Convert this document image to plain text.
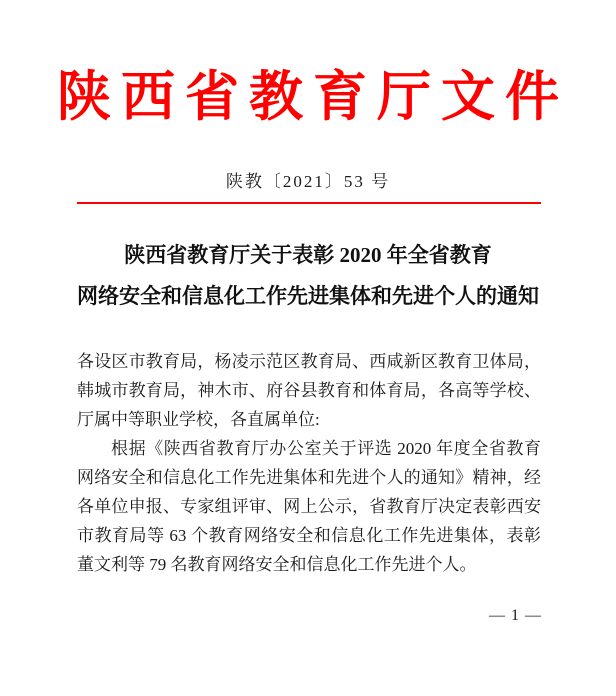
陕西省教育厅文件
陕教〔2021〕53 号
陕西省教育厅关于表彰 2020 年全省教育
网络安全和信息化工作先进集体和先进个人的通知

各设区市教育局，杨凌示范区教育局、西咸新区教育卫体局，韩城市教育局，神木市、府谷县教育和体育局，各高等学校、厅属中等职业学校，各直属单位:

根据《陕西省教育厅办公室关于评选 2020 年度全省教育网络安全和信息化工作先进集体和先进个人的通知》精神，经各单位申报、专家组评审、网上公示，省教育厅决定表彰西安市教育局等 63 个教育网络安全和信息化工作先进集体，表彰董文利等 79 名教育网络安全和信息化工作先进个人。

— 1 —
